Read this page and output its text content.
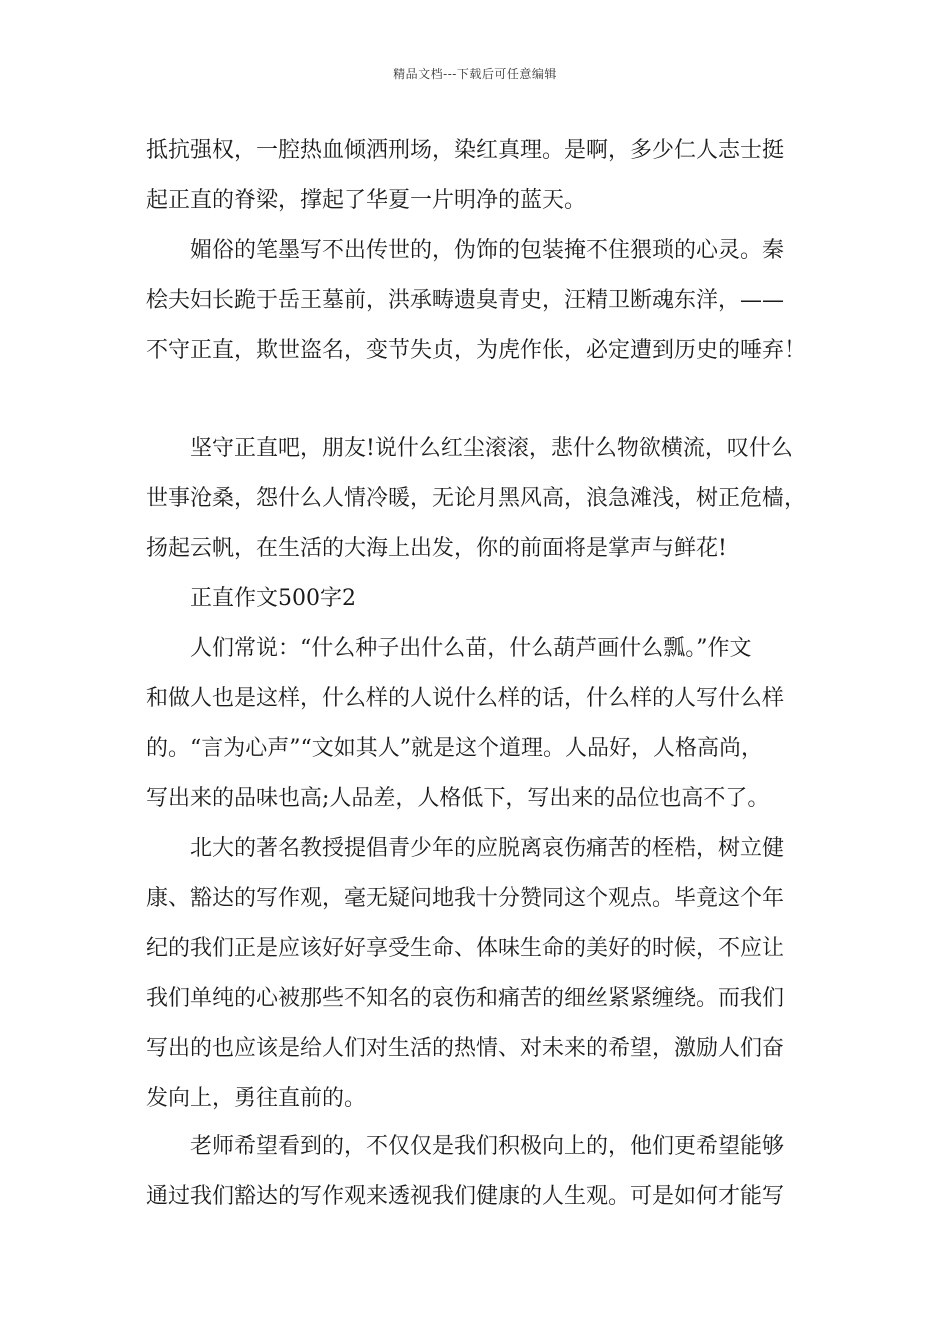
精品文档---下载后可任意编辑
抵抗强权，一腔热血倾洒刑场，染红真理。是啊，多少仁人志士挺
起正直的脊梁，撑起了华夏一片明净的蓝天。
媚俗的笔墨写不出传世的，伪饰的包装掩不住猥琐的心灵。秦
桧夫妇长跪于岳王墓前，洪承畴遗臭青史，汪精卫断魂东洋，——
不守正直，欺世盗名，变节失贞，为虎作伥，必定遭到历史的唾弃！
坚守正直吧，朋友!说什么红尘滚滚，悲什么物欲横流，叹什么
世事沧桑，怨什么人情冷暖，无论月黑风高，浪急滩浅，树正危樯，
扬起云帆，在生活的大海上出发，你的前面将是掌声与鲜花!
正直作文500字2
人们常说：“什么种子出什么苗，什么葫芦画什么瓢。”作文
和做人也是这样，什么样的人说什么样的话，什么样的人写什么样
的。“言为心声”“文如其人”就是这个道理。人品好，人格高尚，
写出来的品味也高;人品差，人格低下，写出来的品位也高不了。
北大的著名教授提倡青少年的应脱离哀伤痛苦的桎梏，树立健
康、豁达的写作观，毫无疑问地我十分赞同这个观点。毕竟这个年
纪的我们正是应该好好享受生命、体味生命的美好的时候，不应让
我们单纯的心被那些不知名的哀伤和痛苦的细丝紧紧缠绕。而我们
写出的也应该是给人们对生活的热情、对未来的希望，激励人们奋
发向上，勇往直前的。
老师希望看到的，不仅仅是我们积极向上的，他们更希望能够
通过我们豁达的写作观来透视我们健康的人生观。可是如何才能写
